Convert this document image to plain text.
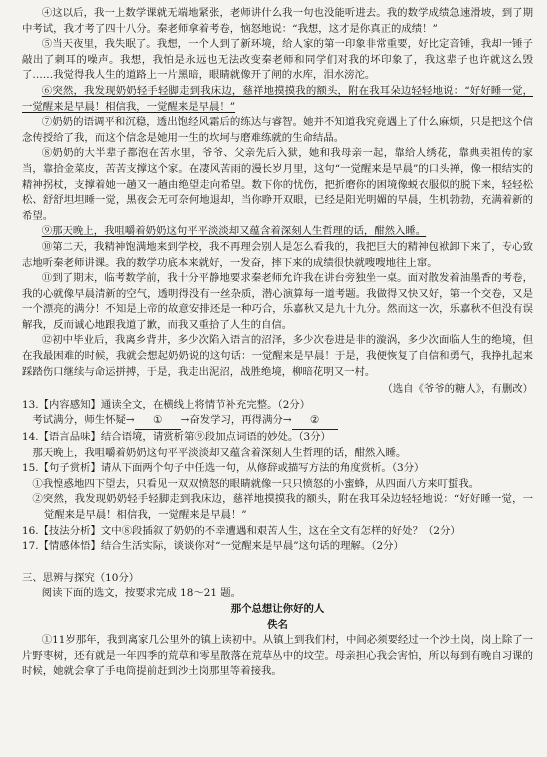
④这以后，我一上数学课就无端地紧张，老师讲什么我一句也没能听进去。我的数学成绩急速滑坡，到了期中考试，我才考了四十八分。秦老师拿着考卷，恼怒地说：“我想，这才是你真正的成绩！”

⑤当天夜里，我失眠了。我想，一个人到了新环境，给人家的第一印象非常重要，好比定音锤，我却一锤子敲出了刺耳的噪声。我想，我怕是永远也无法改变秦老师和同学们对我的坏印象了，我这辈子也许就这么毁了……我觉得我人生的道路上一片黑暗，眼睛就像开了闸的水库，泪水滂沱。

⑥突然，我发现奶奶轻手轻脚走到我床边，慈祥地摸摸我的额头，附在我耳朵边轻轻地说：“好好睡一觉，一觉醒来是早晨！相信我，一觉醒来是早晨！”

⑦奶奶的语调平和沉稳，透出饱经风霜后的练达与睿智。她并不知道我究竟遇上了什么麻烦，只是把这个信念传授给了我，而这个信念是她用一生的坎坷与磨难练就的生命结晶。

⑧奶奶的大半辈子都泡在苦水里，爷爷、父亲先后入狱，她和我母亲一起，靠给人绣花，靠典卖祖传的家当，靠拾金菜皮，苦苦支撑这个家。在凄风苦雨的漫长岁月里，这句“一觉醒来是早晨”的口头禅，像一根结实的精神拐杖，支撑着她一趟又一趟由绝望走向希望。数下你的忧伤，把折磨你的困境像蜕衣服似的脱下来，轻轻松松、舒舒坦坦睡一觉，黑夜会无可奈何地退却，当你睁开双眼，已经是阳光明媚的早晨，生机勃勃，充满着新的希望。

⑨那天晚上，我咀嚼着奶奶这句平平淡淡却又蕴含着深刻人生哲理的话，酣然入睡。

⑩第二天，我精神饱满地来到学校，我不再理会别人是怎么看我的，我把巨大的精神包袱卸下来了，专心致志地听秦老师讲课。我的数学功底本来就好，一发奋，摔下来的成绩很快就嗖嗖地往上窜。

⑪到了期末，临考数学前，我十分平静地要求秦老师允许我在讲台旁独坐一桌。面对散发着油墨香的考卷，我的心就像早晨清新的空气，透明得没有一丝杂质，潜心演算每一道考题。我做得又快又好，第一个交卷，又是一个漂亮的满分！不知是上帝的故意安排还是一种巧合，乐嘉秋又是九十九分。然而这一次，乐嘉秋不但没有误解我，反而诚心地跟我道了歉，而我又重拾了人生的自信。

⑫初中毕业后，我离乡背井，多少次陷入语言的沼泽，多少次卷进是非的漩涡，多少次面临人生的绝境，但在我最困难的时候，我就会想起奶奶说的这句话：一觉醒来是早晨！于是，我便恢复了自信和勇气，我挣扎起来踩踏伤口继续与命运拼搏，于是，我走出泥沼，战胜绝境，柳暗花明又一村。

（选自《爷爷的糖人》，有删改）

13.【内容感知】通读全文，在横线上将情节补充完整。（2分）

考试满分，师生怀疑→ ① →奋发学习，再得满分→ ②

14.【语言品味】结合语境，请赏析第⑨段加点词语的妙处。（3分）

那天晚上，我咀嚼着奶奶这句平平淡淡却又蕴含着深刻人生哲理的话，酣然入睡。

15.【句子赏析】请从下面两个句子中任选一句，从修辞或描写方法的角度赏析。（3分）

①我惶惑地四下望去，只看见一双双愤怒的眼睛就像一只只愤怒的小蜜蜂，从四面八方来叮蜇我。

②突然，我发现奶奶轻手轻脚走到我床边，慈祥地摸摸我的额头，附在我耳朵边轻轻地说：“好好睡一觉，一觉醒来是早晨！相信我，一觉醒来是早晨！”

16.【技法分析】文中⑧段插叙了奶奶的不幸遭遇和艰苦人生，这在全文有怎样的好处？（2分）

17.【情感体悟】结合生活实际，谈谈你对“一觉醒来是早晨”这句话的理解。（2分）

三、思辨与探究（10分）

阅读下面的选文，按要求完成 18～21 题。

那个总想让你好的人

佚名

①11岁那年，我到离家几公里外的镇上读初中。从镇上到我们村，中间必须要经过一个沙土岗，岗上除了一片野枣树，还有就是一年四季的荒草和零星散落在荒草丛中的坟茔。母亲担心我会害怕，所以每到有晚自习课的时候，她就会拿了手电筒提前赶到沙土岗那里等着接我。
